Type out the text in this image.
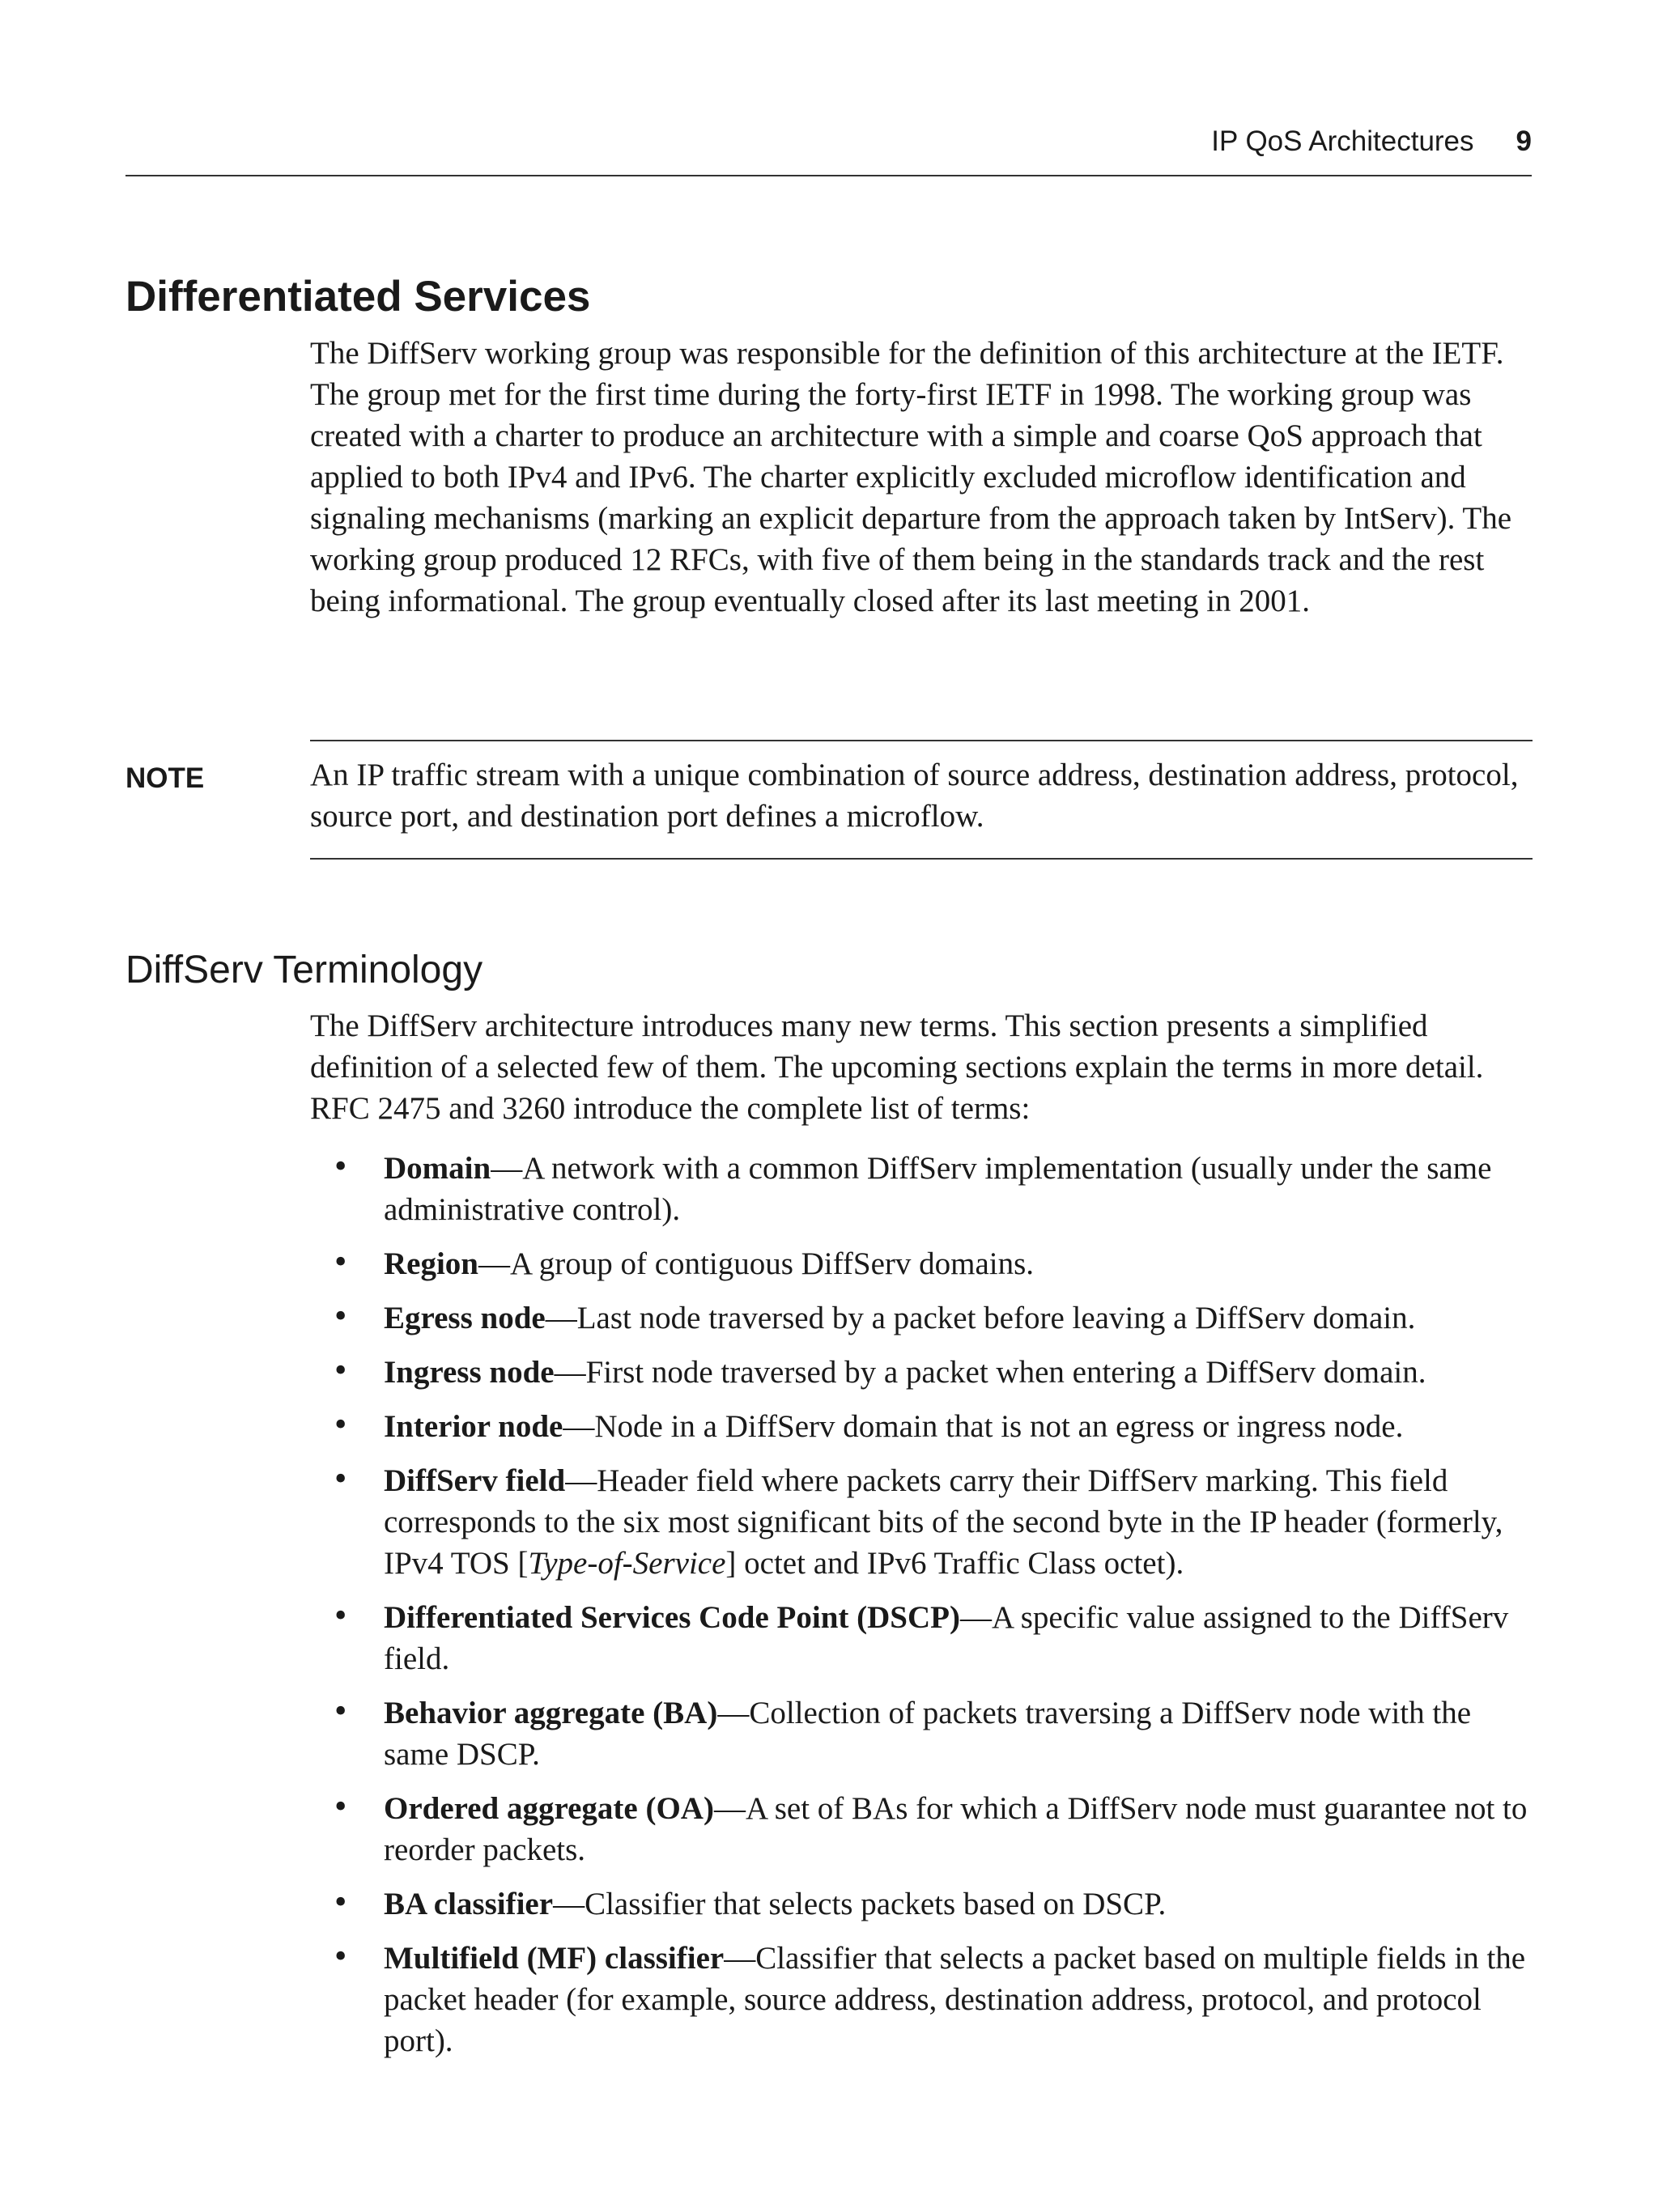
IP QoS Architectures 9
Differentiated Services

The DiffServ working group was responsible for the definition of this architecture at the IETF. The group met for the first time during the forty-first IETF in 1998. The working group was created with a charter to produce an architecture with a simple and coarse QoS approach that applied to both IPv4 and IPv6. The charter explicitly excluded microflow identification and signaling mechanisms (marking an explicit departure from the approach taken by IntServ). The working group produced 12 RFCs, with five of them being in the standards track and the rest being informational. The group eventually closed after its last meeting in 2001.

NOTE	An IP traffic stream with a unique combination of source address, destination address, protocol, source port, and destination port defines a microflow.

DiffServ Terminology

The DiffServ architecture introduces many new terms. This section presents a simplified definition of a selected few of them. The upcoming sections explain the terms in more detail. RFC 2475 and 3260 introduce the complete list of terms:

• Domain—A network with a common DiffServ implementation (usually under the same administrative control).
• Region—A group of contiguous DiffServ domains.
• Egress node—Last node traversed by a packet before leaving a DiffServ domain.
• Ingress node—First node traversed by a packet when entering a DiffServ domain.
• Interior node—Node in a DiffServ domain that is not an egress or ingress node.
• DiffServ field—Header field where packets carry their DiffServ marking. This field corresponds to the six most significant bits of the second byte in the IP header (formerly, IPv4 TOS [Type-of-Service] octet and IPv6 Traffic Class octet).
• Differentiated Services Code Point (DSCP)—A specific value assigned to the DiffServ field.
• Behavior aggregate (BA)—Collection of packets traversing a DiffServ node with the same DSCP.
• Ordered aggregate (OA)—A set of BAs for which a DiffServ node must guarantee not to reorder packets.
• BA classifier—Classifier that selects packets based on DSCP.
• Multifield (MF) classifier—Classifier that selects a packet based on multiple fields in the packet header (for example, source address, destination address, protocol, and protocol port).
